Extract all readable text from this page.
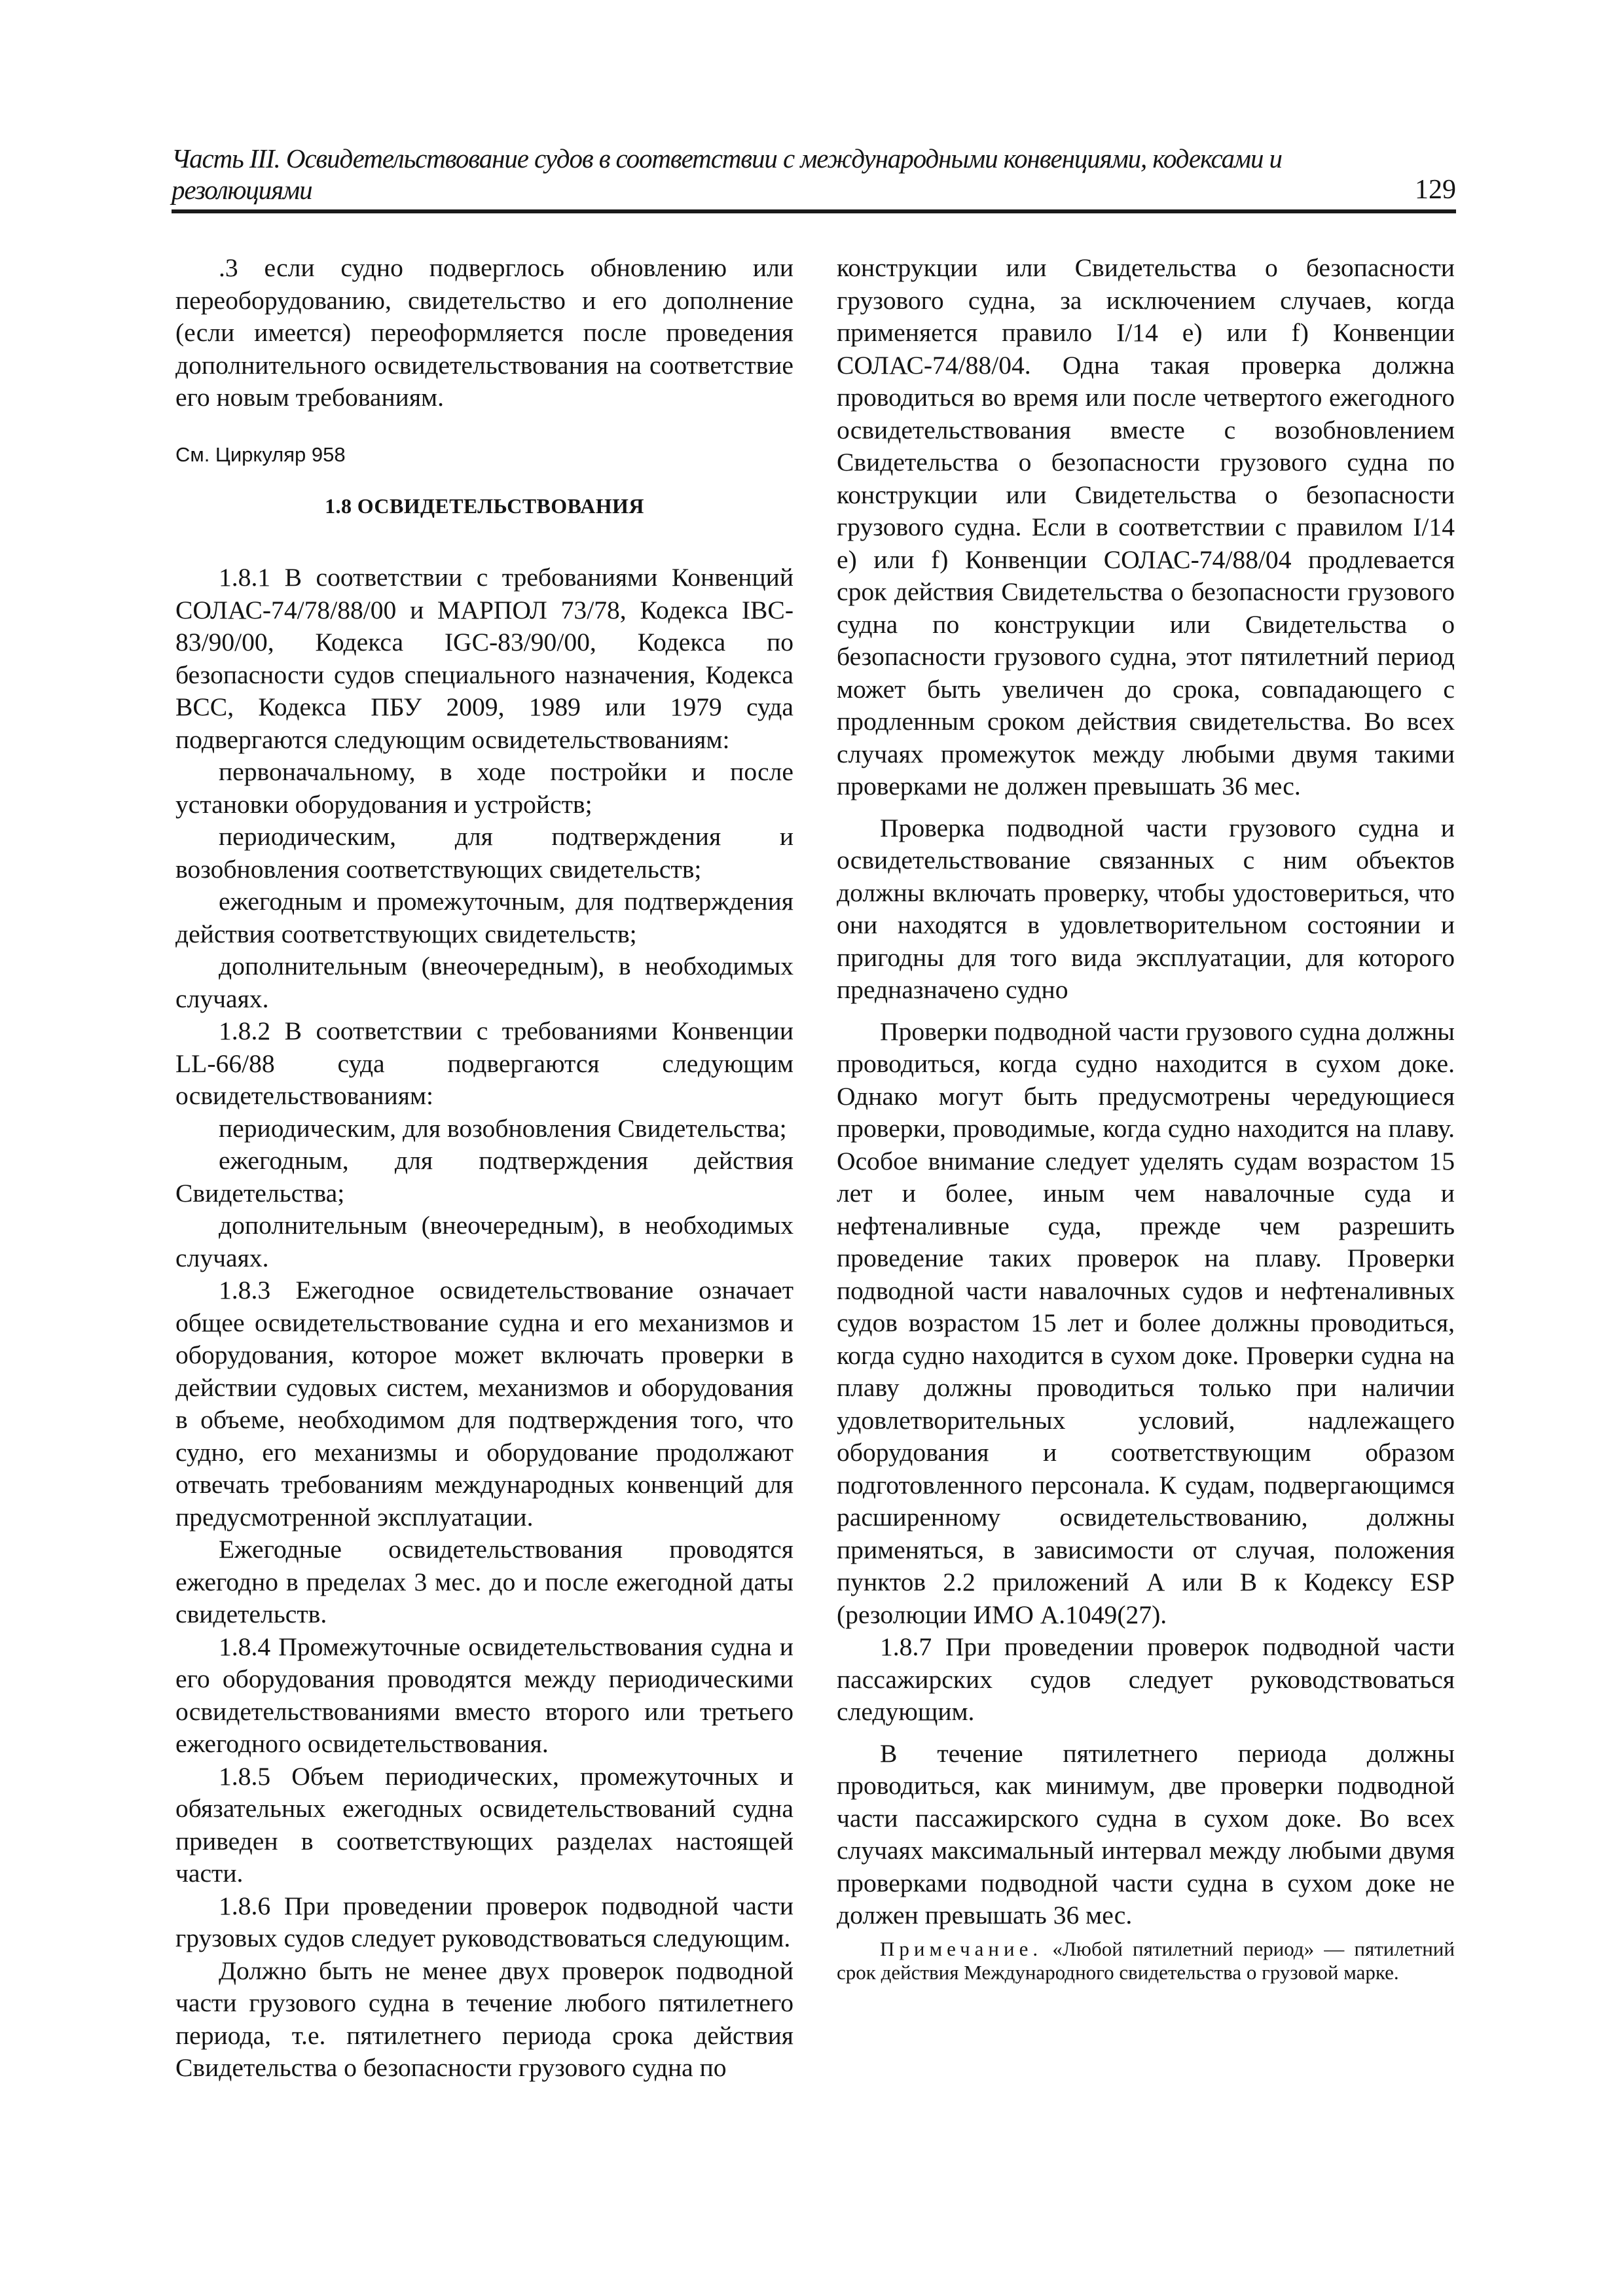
Часть III. Освидетельствование судов в соответствии с международными конвенциями, кодексами и резолюциями	129

.3 если судно подверглось обновлению или переоборудованию, свидетельство и его дополнение (если имеется) переоформляется после проведения дополнительного освидетельствования на соответствие его новым требованиям.

См. Циркуляр 958

1.8 ОСВИДЕТЕЛЬСТВОВАНИЯ

1.8.1 В соответствии с требованиями Конвенций СОЛАС-74/78/88/00 и МАРПОЛ 73/78, Кодекса IBC-83/90/00, Кодекса IGC-83/90/00, Кодекса по безопасности судов специального назначения, Кодекса ВСС, Кодекса ПБУ 2009, 1989 или 1979 суда подвергаются следующим освидетельствованиям:

первоначальному, в ходе постройки и после установки оборудования и устройств;

периодическим, для подтверждения и возобновления соответствующих свидетельств;

ежегодным и промежуточным, для подтверждения действия соответствующих свидетельств;

дополнительным (внеочередным), в необходимых случаях.

1.8.2 В соответствии с требованиями Конвенции LL-66/88 суда подвергаются следующим освидетельствованиям:

периодическим, для возобновления Свидетельства;

ежегодным, для подтверждения действия Свидетельства;

дополнительным (внеочередным), в необходимых случаях.

1.8.3 Ежегодное освидетельствование означает общее освидетельствование судна и его механизмов и оборудования, которое может включать проверки в действии судовых систем, механизмов и оборудования в объеме, необходимом для подтверждения того, что судно, его механизмы и оборудование продолжают отвечать требованиям международных конвенций для предусмотренной эксплуатации.

Ежегодные освидетельствования проводятся ежегодно в пределах 3 мес. до и после ежегодной даты свидетельств.

1.8.4 Промежуточные освидетельствования судна и его оборудования проводятся между периодическими освидетельствованиями вместо второго или третьего ежегодного освидетельствования.

1.8.5 Объем периодических, промежуточных и обязательных ежегодных освидетельствований судна приведен в соответствующих разделах настоящей части.

1.8.6 При проведении проверок подводной части грузовых судов следует руководствоваться следующим.

Должно быть не менее двух проверок подводной части грузового судна в течение любого пятилетнего периода, т.е. пятилетнего периода срока действия Свидетельства о безопасности грузового судна по

конструкции или Свидетельства о безопасности грузового судна, за исключением случаев, когда применяется правило I/14 e) или f) Конвенции СОЛАС-74/88/04. Одна такая проверка должна проводиться во время или после четвертого ежегодного освидетельствования вместе с возобновлением Свидетельства о безопасности грузового судна по конструкции или Свидетельства о безопасности грузового судна. Если в соответствии с правилом I/14 e) или f) Конвенции СОЛАС-74/88/04 продлевается срок действия Свидетельства о безопасности грузового судна по конструкции или Свидетельства о безопасности грузового судна, этот пятилетний период может быть увеличен до срока, совпадающего с продленным сроком действия свидетельства. Во всех случаях промежуток между любыми двумя такими проверками не должен превышать 36 мес.

Проверка подводной части грузового судна и освидетельствование связанных с ним объектов должны включать проверку, чтобы удостовериться, что они находятся в удовлетворительном состоянии и пригодны для того вида эксплуатации, для которого предназначено судно

Проверки подводной части грузового судна должны проводиться, когда судно находится в сухом доке. Однако могут быть предусмотрены чередующиеся проверки, проводимые, когда судно находится на плаву. Особое внимание следует уделять судам возрастом 15 лет и более, иным чем навалочные суда и нефтеналивные суда, прежде чем разрешить проведение таких проверок на плаву. Проверки подводной части навалочных судов и нефтеналивных судов возрастом 15 лет и более должны проводиться, когда судно находится в сухом доке. Проверки судна на плаву должны проводиться только при наличии удовлетворительных условий, надлежащего оборудования и соответствующим образом подготовленного персонала. К судам, подвергающимся расширенному освидетельствованию, должны применяться, в зависимости от случая, положения пунктов 2.2 приложений А или В к Кодексу ESP (резолюции ИМО А.1049(27).

1.8.7 При проведении проверок подводной части пассажирских судов следует руководствоваться следующим.

В течение пятилетнего периода должны проводиться, как минимум, две проверки подводной части пассажирского судна в сухом доке. Во всех случаях максимальный интервал между любыми двумя проверками подводной части судна в сухом доке не должен превышать 36 мес.

Примечание. «Любой пятилетний период» — пятилетний срок действия Международного свидетельства о грузовой марке.
